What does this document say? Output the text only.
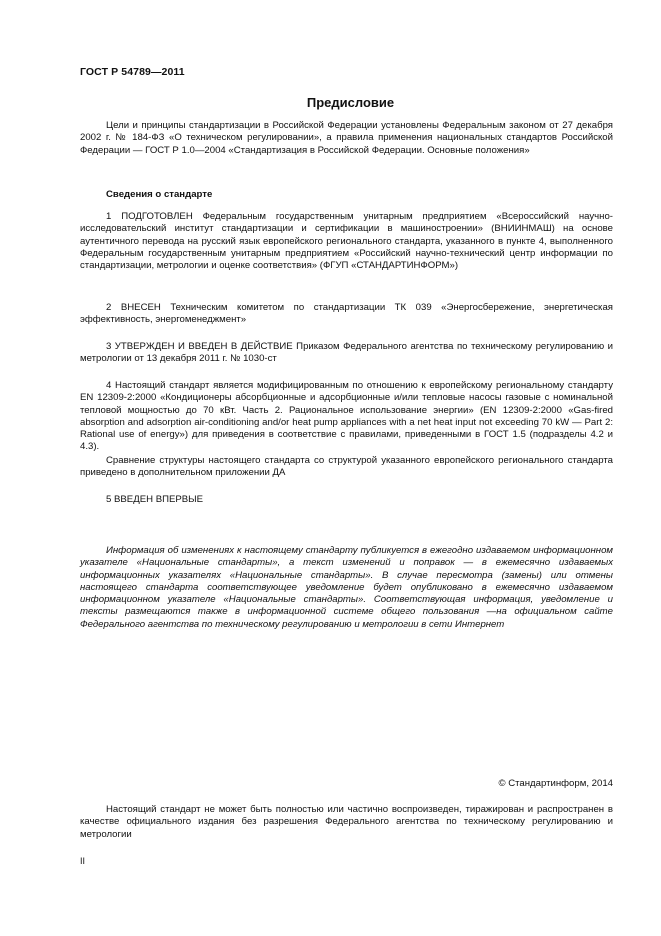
ГОСТ Р 54789—2011
Предисловие

Цели и принципы стандартизации в Российской Федерации установлены Федеральным законом от 27 декабря 2002 г. № 184-ФЗ «О техническом регулировании», а правила применения национальных стандартов Российской Федерации — ГОСТ Р 1.0—2004 «Стандартизация в Российской Федерации. Основные положения»

Сведения о стандарте

1 ПОДГОТОВЛЕН Федеральным государственным унитарным предприятием «Всероссийский научно-исследовательский институт стандартизации и сертификации в машиностроении» (ВНИИНМАШ) на основе аутентичного перевода на русский язык европейского регионального стандарта, указанного в пункте 4, выполненного Федеральным государственным унитарным предприятием «Российский научно-технический центр информации по стандартизации, метрологии и оценке соответствия» (ФГУП «СТАНДАРТИНФОРМ»)

2 ВНЕСЕН Техническим комитетом по стандартизации ТК 039 «Энергосбережение, энергетическая эффективность, энергоменеджмент»

3 УТВЕРЖДЕН И ВВЕДЕН В ДЕЙСТВИЕ Приказом Федерального агентства по техническому регулированию и метрологии от 13 декабря 2011 г. № 1030-ст

4 Настоящий стандарт является модифицированным по отношению к европейскому региональному стандарту EN 12309-2:2000 «Кондиционеры абсорбционные и адсорбционные и/или тепловые насосы газовые с номинальной тепловой мощностью до 70 кВт. Часть 2. Рациональное использование энергии» (EN 12309-2:2000 «Gas-fired absorption and adsorption air-conditioning and/or heat pump appliances with a net heat input not exceeding 70 kW — Part 2: Rational use of energy») для приведения в соответствие с правилами, приведенными в ГОСТ 1.5 (подразделы 4.2 и 4.3).

Сравнение структуры настоящего стандарта со структурой указанного европейского регионального стандарта приведено в дополнительном приложении ДА

5 ВВЕДЕН ВПЕРВЫЕ

Информация об изменениях к настоящему стандарту публикуется в ежегодно издаваемом информационном указателе «Национальные стандарты», а текст изменений и поправок — в ежемесячно издаваемых информационных указателях «Национальные стандарты». В случае пересмотра (замены) или отмены настоящего стандарта соответствующее уведомление будет опубликовано в ежемесячно издаваемом информационном указателе «Национальные стандарты». Соответствующая информация, уведомление и тексты размещаются также в информационной системе общего пользования —на официальном сайте Федерального агентства по техническому регулированию и метрологии в сети Интернет

© Стандартинформ, 2014

Настоящий стандарт не может быть полностью или частично воспроизведен, тиражирован и распространен в качестве официального издания без разрешения Федерального агентства по техническому регулированию и метрологии

II
